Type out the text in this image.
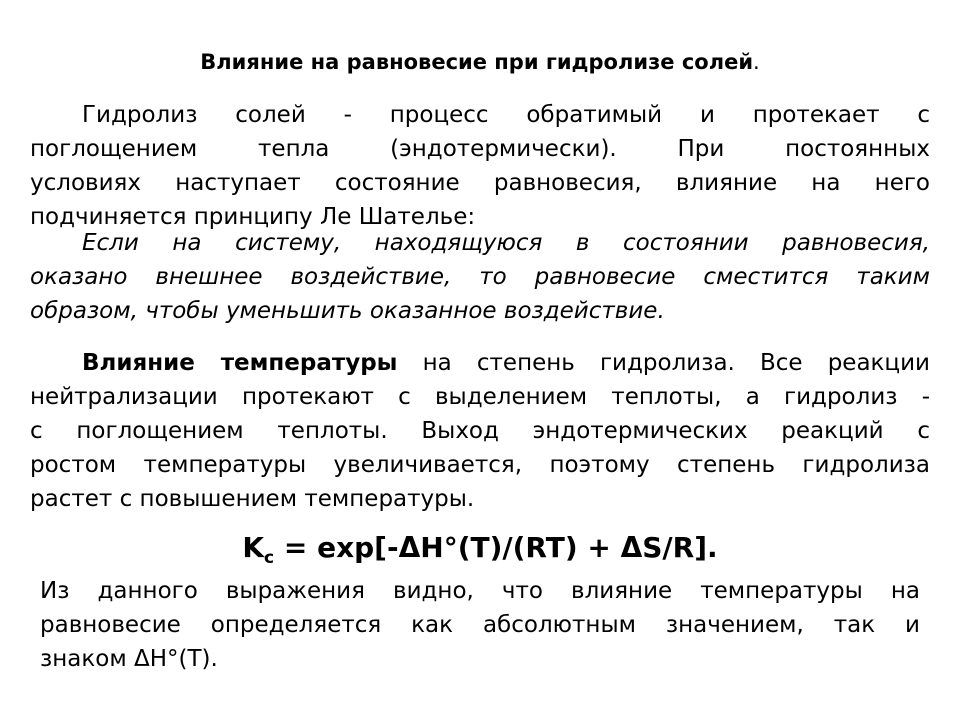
Влияние на равновесие при гидролизе солей.

Гидролиз солей - процесс обратимый и протекает с
поглощением тепла (эндотермически). При постоянных
условиях наступает состояние равновесия, влияние на него
подчиняется принципу Ле Шателье:

Если на систему, находящуюся в состоянии равновесия,
оказано внешнее воздействие, то равновесие сместится таким
образом, чтобы уменьшить оказанное воздействие.

Влияние температуры на степень гидролиза. Все реакции
нейтрализации протекают с выделением теплоты, а гидролиз -
с поглощением теплоты. Выход эндотермических реакций с
ростом температуры увеличивается, поэтому степень гидролиза
растет с повышением температуры.

$K_c = \exp[-\Delta H^\circ(T)/(RT) + \Delta S/R]$.

Из данного выражения видно, что влияние температуры на
равновесие определяется как абсолютным значением, так и
знаком ΔH°(T).
